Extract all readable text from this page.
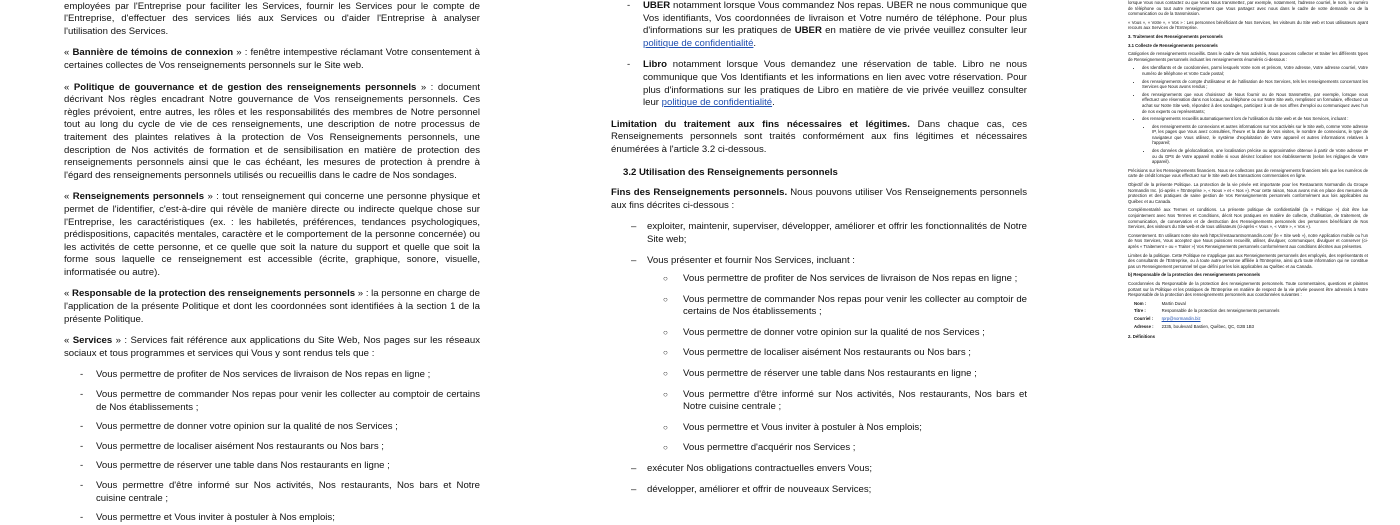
employées par l'Entreprise pour faciliter les Services, fournir les Services pour le compte de l'Entreprise, d'effectuer des services liés aux Services ou d'aider l'Entreprise à analyser l'utilisation des Services.

« Bannière de témoins de connexion » : fenêtre intempestive réclamant Votre consentement à certaines collectes de Vos renseignements personnels sur le Site web.

« Politique de gouvernance et de gestion des renseignements personnels » : document décrivant Nos règles encadrant Notre gouvernance de Vos renseignements personnels. Ces règles prévoient, entre autres, les rôles et les responsabilités des membres de Notre personnel tout au long du cycle de vie de ces renseignements, une description de notre processus de traitement des plaintes relatives à la protection de Vos Renseignements personnels, une description de Nos activités de formation et de sensibilisation en matière de protection des renseignements personnels ainsi que le cas échéant, les mesures de protection à prendre à l'égard des renseignements personnels utilisés ou recueillis dans le cadre de Nos sondages.

« Renseignements personnels » : tout renseignement qui concerne une personne physique et permet de l'identifier, c'est-à-dire qui révèle de manière directe ou indirecte quelque chose sur l'Entreprise, les caractéristiques (ex. : les habiletés, préférences, tendances psychologiques, prédispositions, capacités mentales, caractère et le comportement de la personne concernée) ou les activités de cette personne, et ce quelle que soit la nature du support et quelle que soit la forme sous laquelle ce renseignement est accessible (écrite, graphique, sonore, visuelle, informatisée ou autre).

« Responsable de la protection des renseignements personnels » : la personne en charge de l'application de la présente Politique et dont les coordonnées sont identifiées à la section 1 de la présente Politique.

« Services » : Services fait référence aux applications du Site Web, Nos pages sur les réseaux sociaux et tous programmes et services qui Vous y sont rendus tels que :

- Vous permettre de profiter de Nos services de livraison de Nos repas en ligne ;
- Vous permettre de commander Nos repas pour venir les collecter au comptoir de certains de Nos établissements ;
- Vous permettre de donner votre opinion sur la qualité de nos Services ;
- Vous permettre de localiser aisément Nos restaurants ou Nos bars ;
- Vous permettre de réserver une table dans Nos restaurants en ligne ;
- Vous permettre d'être informé sur Nos activités, Nos restaurants, Nos bars et Notre cuisine centrale ;
- Vous permettre et Vous inviter à postuler à Nos emplois;
- UBER notamment lorsque Vous commandez Nos repas. UBER ne nous communique que Vos identifiants, Vos coordonnées de livraison et Votre numéro de téléphone. Pour plus d'informations sur les pratiques de UBER en matière de vie privée veuillez consulter leur politique de confidentialité.
- Libro notamment lorsque Vous demandez une réservation de table. Libro ne nous communique que Vos Identifiants et les informations en lien avec votre réservation. Pour plus d'informations sur les pratiques de Libro en matière de vie privée veuillez consulter leur politique de confidentialité.

Limitation du traitement aux fins nécessaires et légitimes. Dans chaque cas, ces Renseignements personnels sont traités conformément aux fins légitimes et nécessaires énumérées à l'article 3.2 ci-dessous.

3.2 Utilisation des Renseignements personnels

Fins des Renseignements personnels. Nous pouvons utiliser Vos Renseignements personnels aux fins décrites ci-dessous :

– exploiter, maintenir, superviser, développer, améliorer et offrir les fonctionnalités de Notre Site web;
– Vous présenter et fournir Nos Services, incluant :
○ Vous permettre de profiter de Nos services de livraison de Nos repas en ligne ;
○ Vous permettre de commander Nos repas pour venir les collecter au comptoir de certains de Nos établissements ;
○ Vous permettre de donner votre opinion sur la qualité de nos Services ;
○ Vous permettre de localiser aisément Nos restaurants ou Nos bars ;
○ Vous permettre de réserver une table dans Nos restaurants en ligne ;
○ Vous permettre d'être informé sur Nos activités, Nos restaurants, Nos bars et Notre cuisine centrale ;
○ Vous permettre et Vous inviter à postuler à Nos emplois;
○ Vous permettre d'acquérir nos Services ;
– exécuter Nos obligations contractuelles envers Vous;
– développer, améliorer et offrir de nouveaux Services;

lorsque Vous nous contactez ou que Vous Nous transmettez, par exemple, notamment, l'adresse courriel, le nom, le numéro de téléphone ou tout autre renseignement que Vous partagez avec nous dans le cadre de votre demande ou de la communication ou de la transmission.

« Vous », « Votre », « Vos » : Les personnes bénéficiant de Nos Services, les visiteurs du Site web et tous utilisateurs ayant recours aux Services de l'Entreprise.

3. Traitement des Renseignements personnels
3.1 Collecte de Renseignements personnels

Catégories de renseignements recueillis. Dans le cadre de Nos activités, Nous pouvons collecter et traiter les différents types de Renseignements personnels incluant les renseignements énumérés ci-dessous :

• des Identifiants et de coordonnées, parmi lesquels Votre nom et prénom, Votre adresse, Votre adresse courriel, Votre numéro de téléphone et Votre Code postal;
• des renseignements de compte d'utilisateur et de l'utilisation de Nos Services, tels les renseignements concernant les Services que Nous avons rendus ;
• des renseignements que vous choisissez de Nous fournir ou de Nous transmettre, par exemple, lorsque vous effectuez une réservation dans nos locaux, au téléphone ou sur Notre Site web, remplissez un formulaire, effectuez un achat sur Notre Site web, répondez à des sondages, participez à un de nos offres d'emploi ou communiquez avec l'un de nos experts ou représentants;
• des renseignements recueillis automatiquement lors de l'utilisation du Site web et de Nos Services, incluant :
• des renseignements de connexions et autres informations sur Vos activités sur le Site web, comme Votre adresse IP, les pages que Vous avez consultées, l'heure et la date de Vos visites, le nombre de connexions, le type de navigateur que Vous utilisez, le système d'exploitation de Votre appareil et autres informations relatives à l'appareil;
• des données de géolocalisation, une localisation précise ou approximative obtenue à partir de Votre adresse IP ou du GPS de Votre appareil mobile si vous désirez localiser nos établissements (selon les réglages de Votre appareil).

Précisions sur les Renseignements financiers. Nous ne collectons pas de renseignements financiers tels que les numéros de carte de crédit lorsque vous effectuez sur le Site web des transactions commerciales en ligne.

Objectif de la présente Politique. La protection de la vie privée est importante pour les Restaurants Normandin du Groupe Normandin Inc. (ci-après « l'Entreprise », « Nous » et « Nos »). Pour cette raison, Nous avons mis en place des mesures de protection et des pratiques de saine gestion de Vos Renseignements personnels conformément aux lois applicables au Québec et au Canada.

Complémentarité aux Termes et conditions. La présente politique de confidentialité (la « Politique ») doit être lue conjointement avec Nos Termes et Conditions, décrit Nos pratiques en matière de collecte, d'utilisation, de traitement, de communication, de conservation et de destruction des Renseignements personnels des personnes bénéficiant de Nos Services, des visiteurs du Site web et de tous utilisateurs (ci-après « Vous », « Votre », « Vos »).

Consentement. En utilisant notre site web https://restaurantnormandin.com/ (le « Site web »), notre Application mobile ou l'un de Nos Services, Vous acceptez que Nous puissions recueillir, utiliser, divulguer, communiquer, divulguer et conserver (ci-après « Traitement » ou « Traiter ») Vos Renseignements personnels conformément aux conditions décrites aux présentes.

Limites de la politique. Cette Politique ne s'applique pas aux Renseignements personnels des employés, des représentants et des consultants de l'Entreprise, ou à toute autre personne affiliée à l'Entreprise, ainsi qu'à toute information qui ne constitue pas un Renseignement personnel tel que défini par les lois applicables au Québec et au Canada.

b) Responsable de la protection des renseignements personnels

Coordonnées du Responsable de la protection des renseignements personnels. Toute commentaires, questions et plaintes portant sur la Politique et les pratiques de l'Entreprise en matière de respect de la vie privée peuvent être adressés à Notre Responsable de la protection des renseignements personnels aux coordonnées suivantes :

Nom :	Martin Duval
Titre :	Responsable de la protection des renseignements personnels
Courriel :	rprp@normandin.biz
Adresse :	2335, boulevard Bastien, Québec, QC, G2B 1B3
2. Définitions
